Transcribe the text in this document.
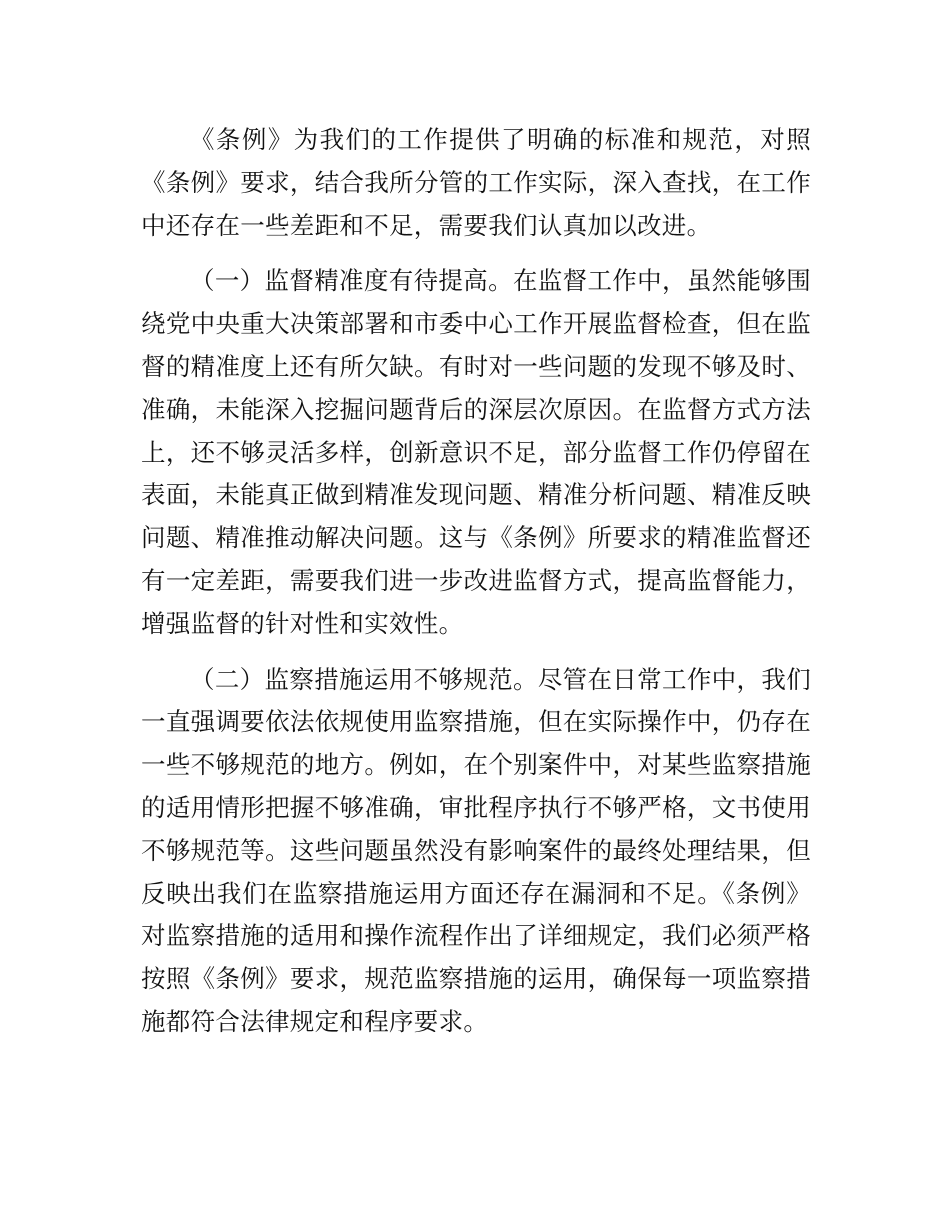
《条例》为我们的工作提供了明确的标准和规范，对照《条例》要求，结合我所分管的工作实际，深入查找，在工作中还存在一些差距和不足，需要我们认真加以改进。

（一）监督精准度有待提高。在监督工作中，虽然能够围绕党中央重大决策部署和市委中心工作开展监督检查，但在监督的精准度上还有所欠缺。有时对一些问题的发现不够及时、准确，未能深入挖掘问题背后的深层次原因。在监督方式方法上，还不够灵活多样，创新意识不足，部分监督工作仍停留在表面，未能真正做到精准发现问题、精准分析问题、精准反映问题、精准推动解决问题。这与《条例》所要求的精准监督还有一定差距，需要我们进一步改进监督方式，提高监督能力，增强监督的针对性和实效性。

（二）监察措施运用不够规范。尽管在日常工作中，我们一直强调要依法依规使用监察措施，但在实际操作中，仍存在一些不够规范的地方。例如，在个别案件中，对某些监察措施的适用情形把握不够准确，审批程序执行不够严格，文书使用不够规范等。这些问题虽然没有影响案件的最终处理结果，但反映出我们在监察措施运用方面还存在漏洞和不足。《条例》对监察措施的适用和操作流程作出了详细规定，我们必须严格按照《条例》要求，规范监察措施的运用，确保每一项监察措施都符合法律规定和程序要求。
